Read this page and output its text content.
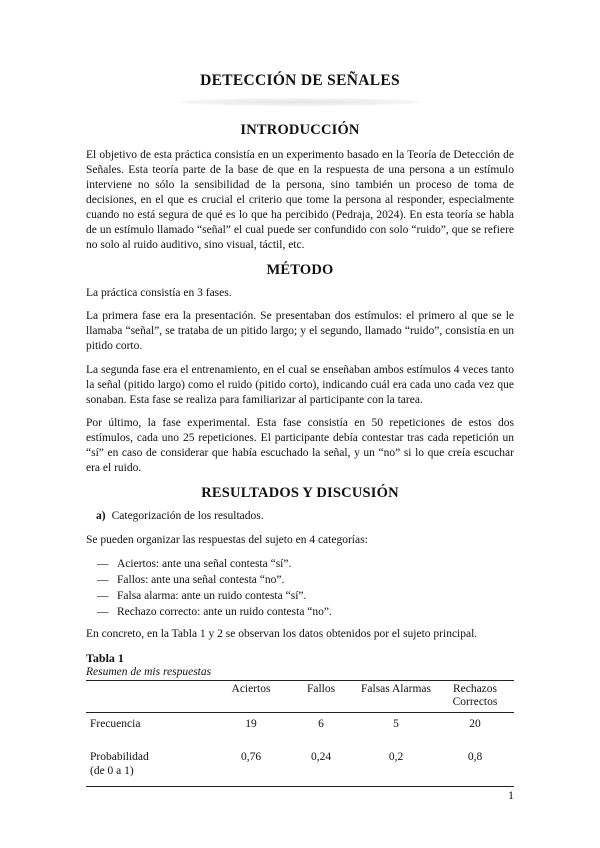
DETECCIÓN DE SEÑALES
INTRODUCCIÓN
El objetivo de esta práctica consistía en un experimento basado en la Teoría de Detección de Señales. Esta teoría parte de la base de que en la respuesta de una persona a un estímulo interviene no sólo la sensibilidad de la persona, sino también un proceso de toma de decisiones, en el que es crucial el criterio que tome la persona al responder, especialmente cuando no está segura de qué es lo que ha percibido (Pedraja, 2024). En esta teoría se habla de un estímulo llamado “señal” el cual puede ser confundido con solo “ruido”, que se refiere no solo al ruido auditivo, sino visual, táctil, etc.
MÉTODO
La práctica consistía en 3 fases.
La primera fase era la presentación. Se presentaban dos estímulos: el primero al que se le llamaba “señal”, se trataba de un pitido largo; y el segundo, llamado “ruido”, consistía en un pitido corto.
La segunda fase era el entrenamiento, en el cual se enseñaban ambos estímulos 4 veces tanto la señal (pitido largo) como el ruido (pitido corto), indicando cuál era cada uno cada vez que sonaban. Esta fase se realiza para familiarizar al participante con la tarea.
Por último, la fase experimental. Esta fase consistía en 50 repeticiones de estos dos estímulos, cada uno 25 repeticiones. El participante debía contestar tras cada repetición un “sí” en caso de considerar que había escuchado la señal, y un “no” si lo que creía escuchar era el ruido.
RESULTADOS Y DISCUSIÓN
a) Categorización de los resultados.
Se pueden organizar las respuestas del sujeto en 4 categorías:
— Aciertos: ante una señal contesta “sí”.
— Fallos: ante una señal contesta “no”.
— Falsa alarma: ante un ruido contesta “sí”.
— Rechazo correcto: ante un ruido contesta “no”.
En concreto, en la Tabla 1 y 2 se observan los datos obtenidos por el sujeto principal.
Tabla 1
Resumen de mis respuestas
	Aciertos	Fallos	Falsas Alarmas	Rechazos Correctos
Frecuencia	19	6	5	20

Probabilidad (de 0 a 1)	0,76	0,24	0,2	0,8
1
